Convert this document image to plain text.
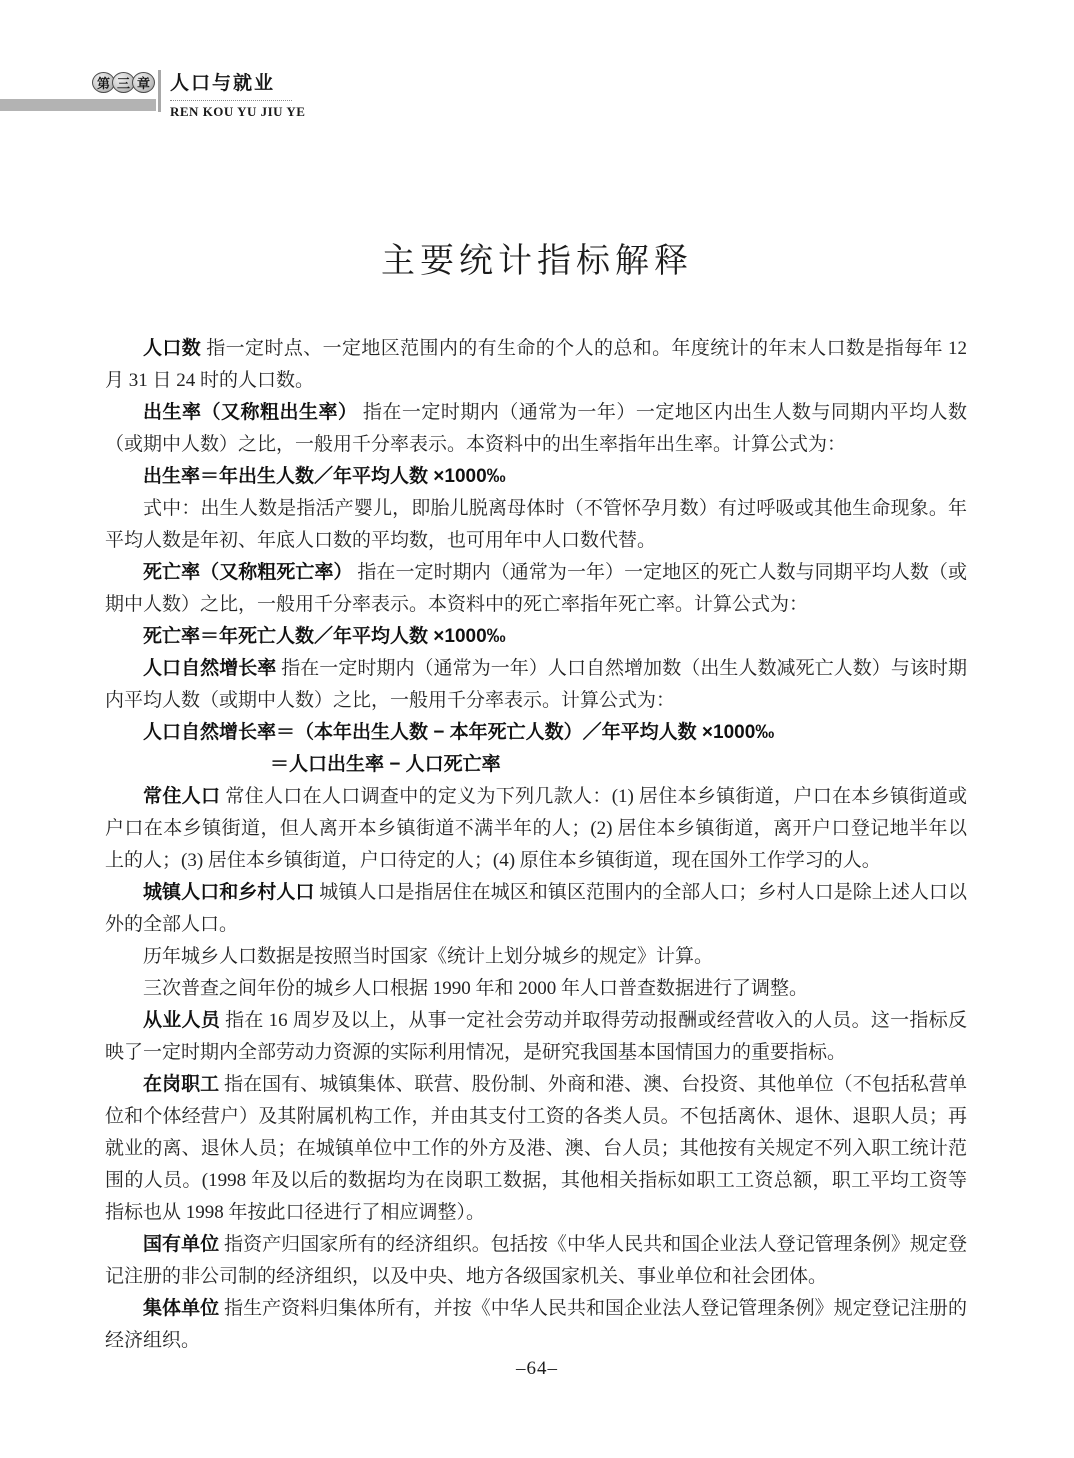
第 三 章 人口与就业
REN KOU YU JIU YE
主要统计指标解释

人口数 指一定时点、一定地区范围内的有生命的个人的总和。年度统计的年末人口数是指每年 12 月 31 日 24 时的人口数。

出生率（又称粗出生率） 指在一定时期内（通常为一年）一定地区内出生人数与同期内平均人数（或期中人数）之比，一般用千分率表示。本资料中的出生率指年出生率。计算公式为：

出生率＝年出生人数／年平均人数 ×1000‰

式中：出生人数是指活产婴儿，即胎儿脱离母体时（不管怀孕月数）有过呼吸或其他生命现象。年平均人数是年初、年底人口数的平均数，也可用年中人口数代替。

死亡率（又称粗死亡率） 指在一定时期内（通常为一年）一定地区的死亡人数与同期平均人数（或期中人数）之比，一般用千分率表示。本资料中的死亡率指年死亡率。计算公式为：

死亡率＝年死亡人数／年平均人数 ×1000‰

人口自然增长率 指在一定时期内（通常为一年）人口自然增加数（出生人数减死亡人数）与该时期内平均人数（或期中人数）之比，一般用千分率表示。计算公式为：

人口自然增长率＝（本年出生人数 − 本年死亡人数）／年平均人数 ×1000‰

＝人口出生率 − 人口死亡率

常住人口 常住人口在人口调查中的定义为下列几款人：(1) 居住本乡镇街道，户口在本乡镇街道或户口在本乡镇街道，但人离开本乡镇街道不满半年的人；(2) 居住本乡镇街道，离开户口登记地半年以上的人；(3) 居住本乡镇街道，户口待定的人；(4) 原住本乡镇街道，现在国外工作学习的人。

城镇人口和乡村人口 城镇人口是指居住在城区和镇区范围内的全部人口；乡村人口是除上述人口以外的全部人口。

历年城乡人口数据是按照当时国家《统计上划分城乡的规定》计算。

三次普查之间年份的城乡人口根据 1990 年和 2000 年人口普查数据进行了调整。

从业人员 指在 16 周岁及以上，从事一定社会劳动并取得劳动报酬或经营收入的人员。这一指标反映了一定时期内全部劳动力资源的实际利用情况，是研究我国基本国情国力的重要指标。

在岗职工 指在国有、城镇集体、联营、股份制、外商和港、澳、台投资、其他单位（不包括私营单位和个体经营户）及其附属机构工作，并由其支付工资的各类人员。不包括离休、退休、退职人员；再就业的离、退休人员；在城镇单位中工作的外方及港、澳、台人员；其他按有关规定不列入职工统计范围的人员。(1998 年及以后的数据均为在岗职工数据，其他相关指标如职工工资总额，职工平均工资等指标也从 1998 年按此口径进行了相应调整）。

国有单位 指资产归国家所有的经济组织。包括按《中华人民共和国企业法人登记管理条例》规定登记注册的非公司制的经济组织，以及中央、地方各级国家机关、事业单位和社会团体。

集体单位 指生产资料归集体所有，并按《中华人民共和国企业法人登记管理条例》规定登记注册的经济组织。

–64–
